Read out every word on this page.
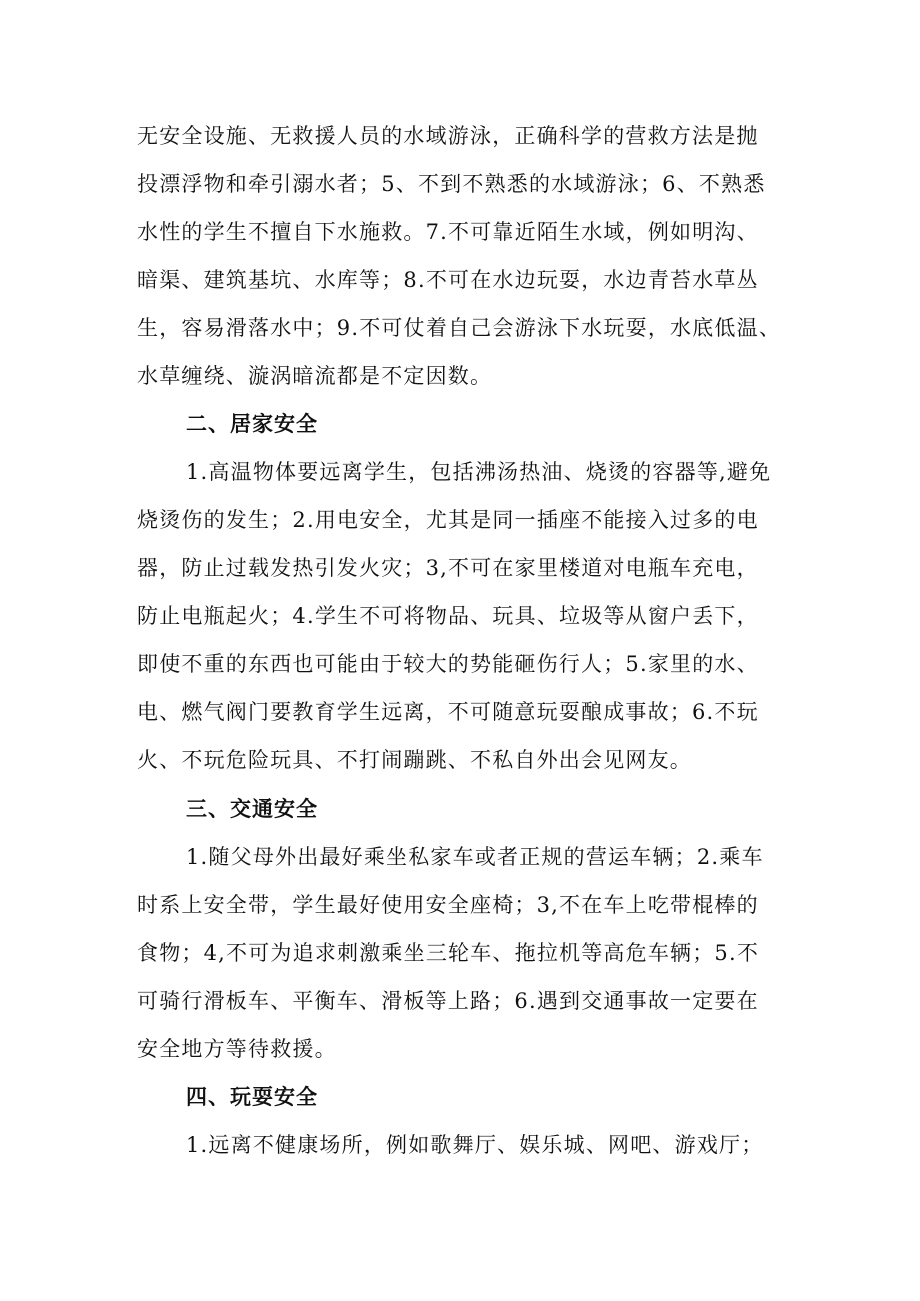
无安全设施、无救援人员的水域游泳，正确科学的营救方法是抛
投漂浮物和牵引溺水者；5、不到不熟悉的水域游泳；6、不熟悉
水性的学生不擅自下水施救。7.不可靠近陌生水域，例如明沟、
暗渠、建筑基坑、水库等；8.不可在水边玩耍，水边青苔水草丛
生，容易滑落水中；9.不可仗着自己会游泳下水玩耍，水底低温、
水草缠绕、漩涡暗流都是不定因数。
二、居家安全
1.高温物体要远离学生，包括沸汤热油、烧烫的容器等,避免
烧烫伤的发生；2.用电安全，尤其是同一插座不能接入过多的电
器，防止过载发热引发火灾；3,不可在家里楼道对电瓶车充电，
防止电瓶起火；4.学生不可将物品、玩具、垃圾等从窗户丢下，
即使不重的东西也可能由于较大的势能砸伤行人；5.家里的水、
电、燃气阀门要教育学生远离，不可随意玩耍酿成事故；6.不玩
火、不玩危险玩具、不打闹蹦跳、不私自外出会见网友。
三、交通安全
1.随父母外出最好乘坐私家车或者正规的营运车辆；2.乘车
时系上安全带，学生最好使用安全座椅；3,不在车上吃带棍棒的
食物；4,不可为追求刺激乘坐三轮车、拖拉机等高危车辆；5.不
可骑行滑板车、平衡车、滑板等上路；6.遇到交通事故一定要在
安全地方等待救援。
四、玩耍安全
1.远离不健康场所，例如歌舞厅、娱乐城、网吧、游戏厅；
